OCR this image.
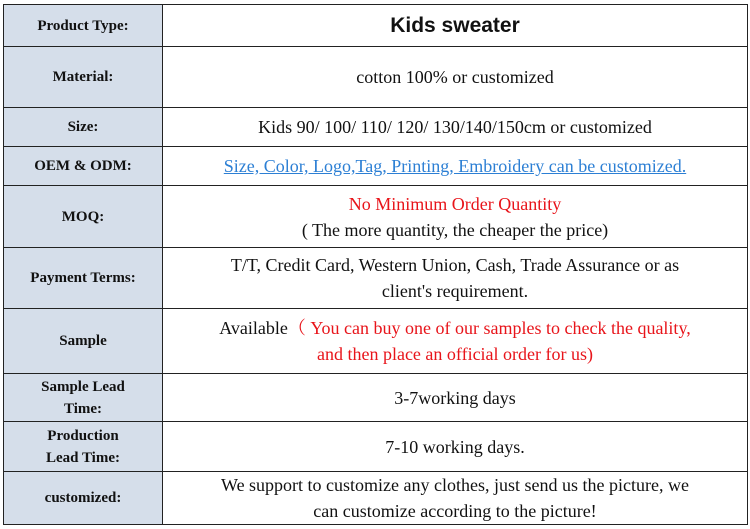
Product Type:	Kids sweater
Material:	cotton 100% or customized
Size:	Kids 90/ 100/ 110/ 120/ 130/140/150cm or customized
OEM & ODM:	Size, Color, Logo,Tag, Printing, Embroidery can be customized.
MOQ:	No Minimum Order Quantity
( The more quantity, the cheaper the price)

Payment Terms:	T/T, Credit Card, Western Union, Cash, Trade Assurance or as
client's requirement.

Sample	Available（ You can buy one of our samples to check the quality,
and then place an official order for us)

Sample Lead
Time:	3-7working days

Production
Lead Time:	7-10 working days.
customized:	We support to customize any clothes, just send us the picture, we
can customize according to the picture!
